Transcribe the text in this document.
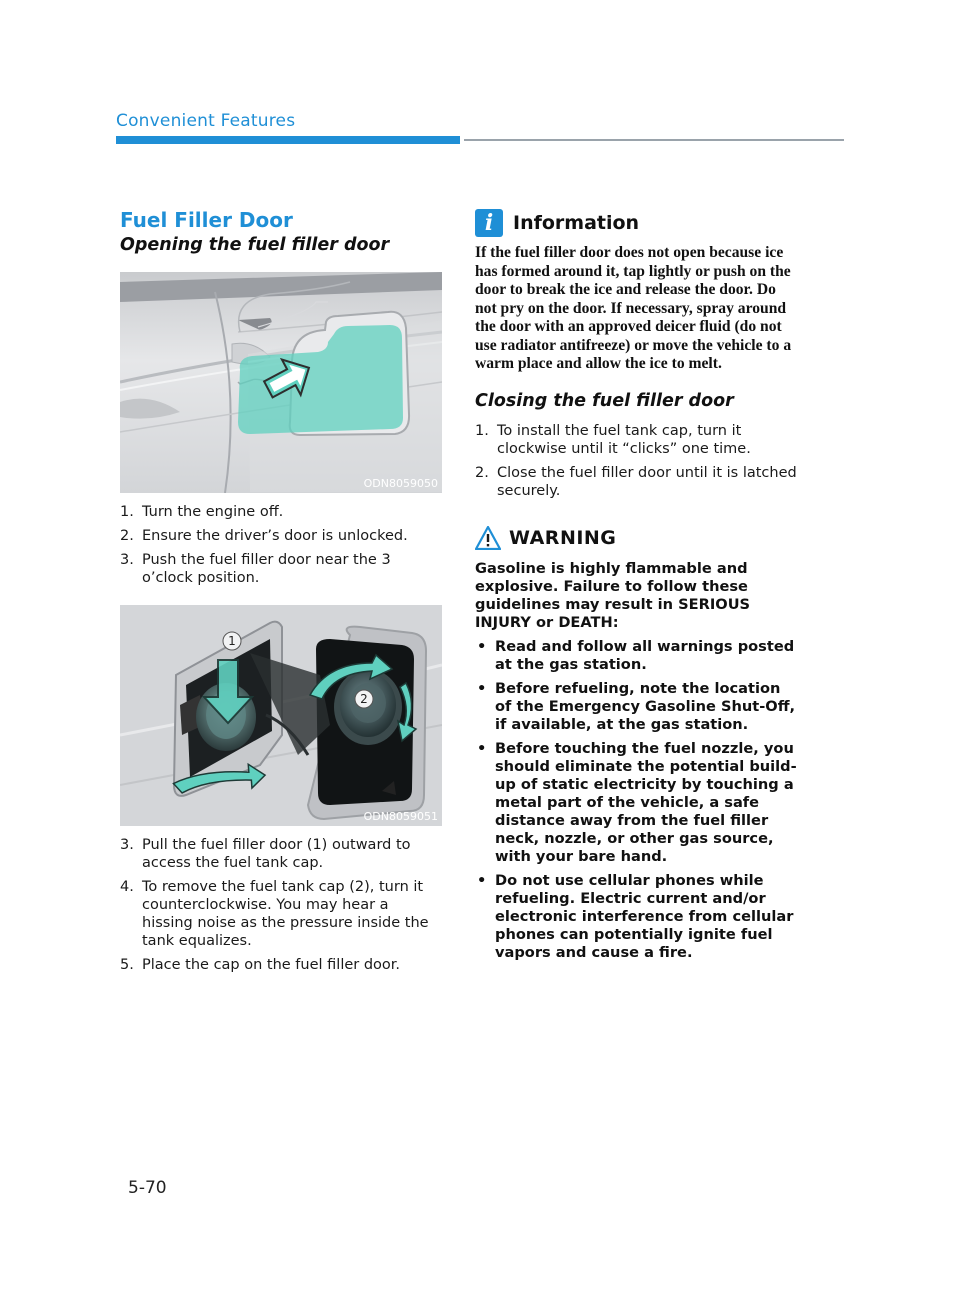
Convenient Features
Fuel Filler Door
Opening the fuel filler door
ODN8059050
1. Turn the engine off.
2. Ensure the driver’s door is unlocked.
3. Push the fuel filler door near the 3 o’clock position.
1
2
ODN8059051
3. Pull the fuel filler door (1) outward to access the fuel tank cap.
4. To remove the fuel tank cap (2), turn it counterclockwise. You may hear a hissing noise as the pressure inside the tank equalizes.
5. Place the cap on the fuel filler door.
i	Information

If the fuel filler door does not open because ice has formed around it, tap lightly or push on the door to break the ice and release the door. Do not pry on the door. If necessary, spray around the door with an approved deicer fluid (do not use radiator antifreeze) or move the vehicle to a warm place and allow the ice to melt.

Closing the fuel filler door
1. To install the fuel tank cap, turn it clockwise until it “clicks” one time.
2. Close the fuel filler door until it is latched securely.
WARNING

Gasoline is highly flammable and explosive. Failure to follow these guidelines may result in SERIOUS INJURY or DEATH:

• Read and follow all warnings posted at the gas station.
• Before refueling, note the location of the Emergency Gasoline Shut-Off, if available, at the gas station.
• Before touching the fuel nozzle, you should eliminate the potential build-up of static electricity by touching a metal part of the vehicle, a safe distance away from the fuel filler neck, nozzle, or other gas source, with your bare hand.
• Do not use cellular phones while refueling. Electric current and/or electronic interference from cellular phones can potentially ignite fuel vapors and cause a fire.
5-70
